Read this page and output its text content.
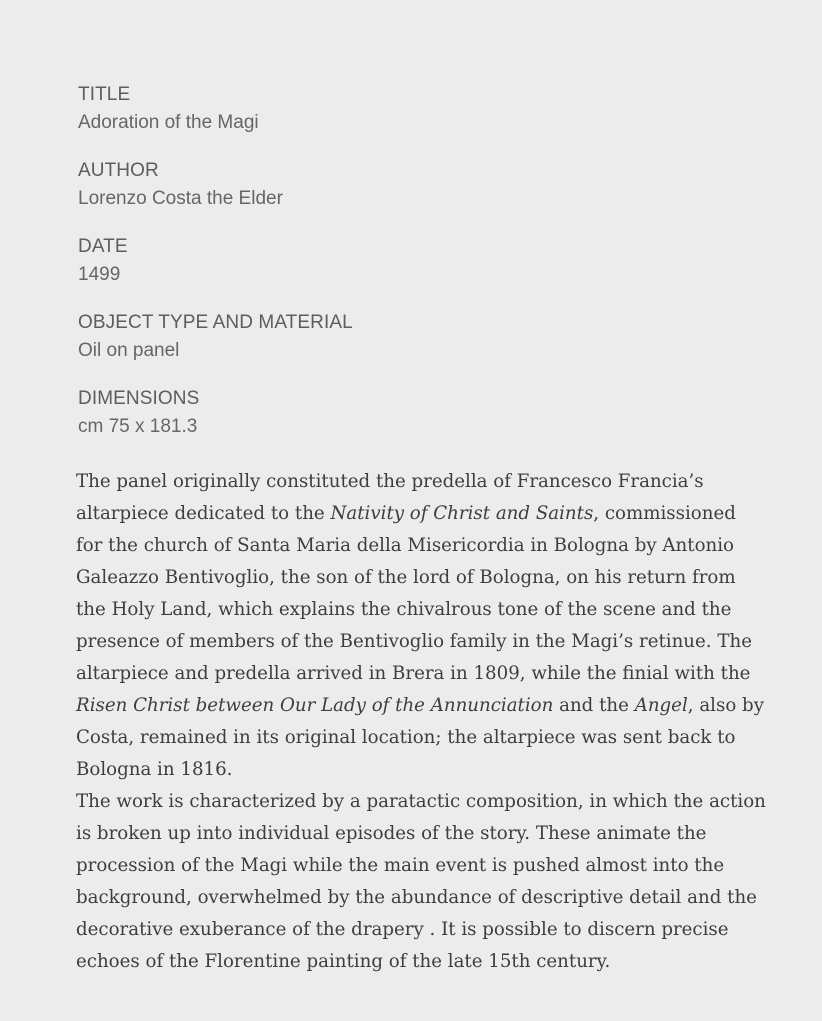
TITLE
Adoration of the Magi
AUTHOR
Lorenzo Costa the Elder
DATE
1499
OBJECT TYPE AND MATERIAL
Oil on panel
DIMENSIONS
cm 75 x 181.3

The panel originally constituted the predella of Francesco Francia’s altarpiece dedicated to the Nativity of Christ and Saints, commissioned for the church of Santa Maria della Misericordia in Bologna by Antonio Galeazzo Bentivoglio, the son of the lord of Bologna, on his return from the Holy Land, which explains the chivalrous tone of the scene and the presence of members of the Bentivoglio family in the Magi’s retinue. The altarpiece and predella arrived in Brera in 1809, while the finial with the Risen Christ between Our Lady of the Annunciation and the Angel, also by Costa, remained in its original location; the altarpiece was sent back to Bologna in 1816.

The work is characterized by a paratactic composition, in which the action is broken up into individual episodes of the story. These animate the procession of the Magi while the main event is pushed almost into the background, overwhelmed by the abundance of descriptive detail and the decorative exuberance of the drapery . It is possible to discern precise echoes of the Florentine painting of the late 15th century.
